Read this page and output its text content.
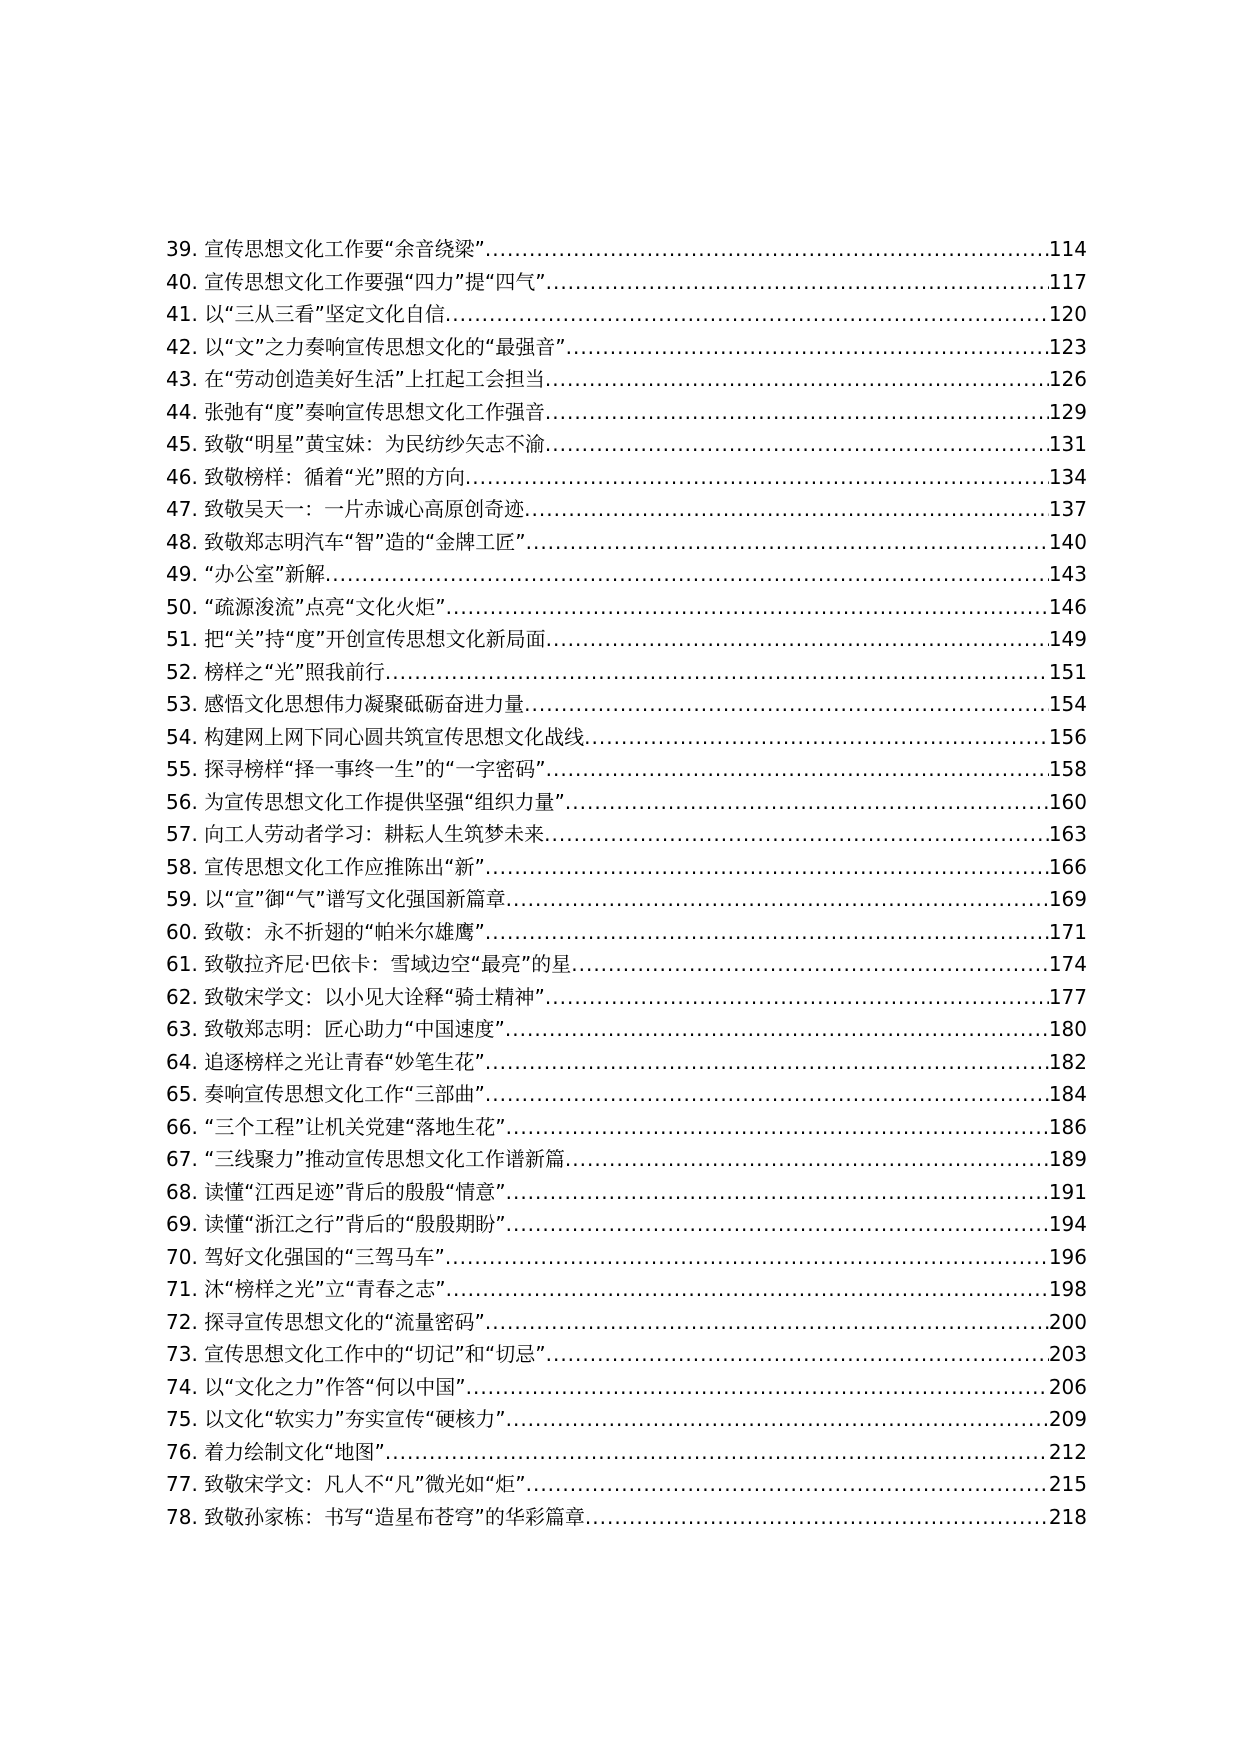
39. 宣传思想文化工作要“余音绕梁” .....	114
40. 宣传思想文化工作要强“四力”提“四气” .....	117
41. 以“三从三看”坚定文化自信 .....	120
42. 以“文”之力奏响宣传思想文化的“最强音” .....	123
43. 在“劳动创造美好生活”上扛起工会担当 .....	126
44. 张弛有“度”奏响宣传思想文化工作强音 .....	129
45. 致敬“明星”黄宝妹：为民纺纱矢志不渝 .....	131
46. 致敬榜样：循着“光”照的方向 .....	134
47. 致敬吴天一：一片赤诚心高原创奇迹 .....	137
48. 致敬郑志明汽车“智”造的“金牌工匠” .....	140
49. “办公室”新解 .....	143
50. “疏源浚流”点亮“文化火炬” .....	146
51. 把“关”持“度”开创宣传思想文化新局面 .....	149
52. 榜样之“光”照我前行 .....	151
53. 感悟文化思想伟力凝聚砥砺奋进力量 .....	154
54. 构建网上网下同心圆共筑宣传思想文化战线 .....	156
55. 探寻榜样“择一事终一生”的“一字密码” .....	158
56. 为宣传思想文化工作提供坚强“组织力量” .....	160
57. 向工人劳动者学习：耕耘人生筑梦未来 .....	163
58. 宣传思想文化工作应推陈出“新” .....	166
59. 以“宣”御“气”谱写文化强国新篇章 .....	169
60. 致敬：永不折翅的“帕米尔雄鹰” .....	171
61. 致敬拉齐尼·巴依卡：雪域边空“最亮”的星 .....	174
62. 致敬宋学文：以小见大诠释“骑士精神” .....	177
63. 致敬郑志明：匠心助力“中国速度” .....	180
64. 追逐榜样之光让青春“妙笔生花” .....	182
65. 奏响宣传思想文化工作“三部曲” .....	184
66. “三个工程”让机关党建“落地生花” .....	186
67. “三线聚力”推动宣传思想文化工作谱新篇 .....	189
68. 读懂“江西足迹”背后的殷殷“情意” .....	191
69. 读懂“浙江之行”背后的“殷殷期盼” .....	194
70. 驾好文化强国的“三驾马车” .....	196
71. 沐“榜样之光”立“青春之志” .....	198
72. 探寻宣传思想文化的“流量密码” .....	200
73. 宣传思想文化工作中的“切记”和“切忌” .....	203
74. 以“文化之力”作答“何以中国” .....	206
75. 以文化“软实力”夯实宣传“硬核力” .....	209
76. 着力绘制文化“地图” .....	212
77. 致敬宋学文：凡人不“凡”微光如“炬” .....	215
78. 致敬孙家栋：书写“造星布苍穹”的华彩篇章 .....	218
